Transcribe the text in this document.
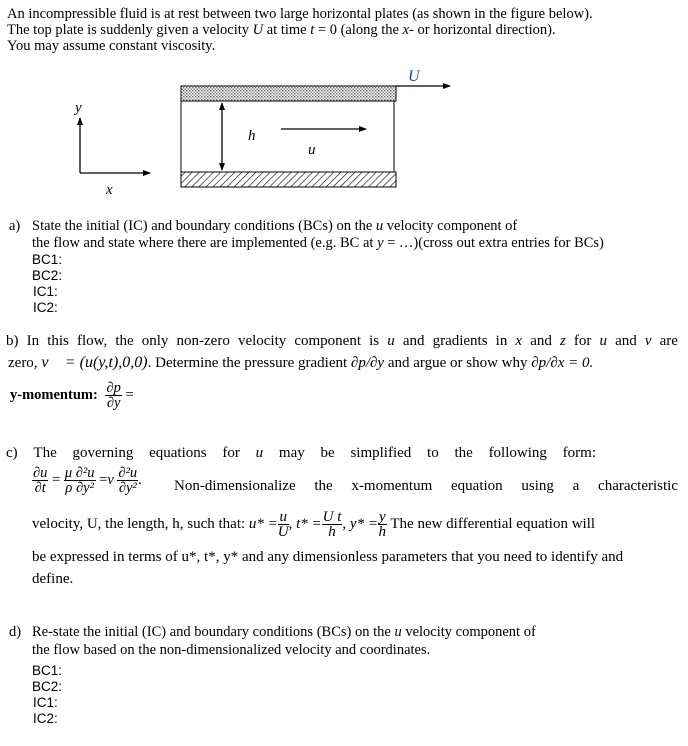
An incompressible fluid is at rest between two large horizontal plates (as shown in the figure below).
The top plate is suddenly given a velocity U at time t = 0 (along the x- or horizontal direction).
You may assume constant viscosity.
y
x
U
h
u
a) State the initial (IC) and boundary conditions (BCs) on the u velocity component of
the flow and state where there are implemented (e.g. BC at y = …)(cross out extra entries for BCs)
BC1:
BC2:
IC1:
IC2:
b) In this flow, the only non-zero velocity component is u and gradients in x and z for u and v are
zero, v⃗ = (u(y,t),0,0). Determine the pressure gradient ∂p/∂y and argue or show why ∂p/∂x = 0.
y-momentum: $\frac{\partial p}{\partial y}$ =
c) The governing equations for u may be simplified to the following form:
$\frac{\partial u}{\partial t} = \frac{\text{μ ∂²u}}{\text{ρ ∂y²}} =\nu \frac{\text{∂²u}}{\text{∂y²}}$ . Non-dimensionalize the x-momentum equation using a characteristic
velocity, U, the length, h, such that: $u* = \frac{u}{U}$ , $t* = \frac{\text{U t}}{h}$ , $y* = \frac{y}{h}$ The new differential equation will
be expressed in terms of u*, t*, y* and any dimensionless parameters that you need to identify and
define.
d) Re-state the initial (IC) and boundary conditions (BCs) on the u velocity component of
the flow based on the non-dimensionalized velocity and coordinates.
BC1:
BC2:
IC1:
IC2:
